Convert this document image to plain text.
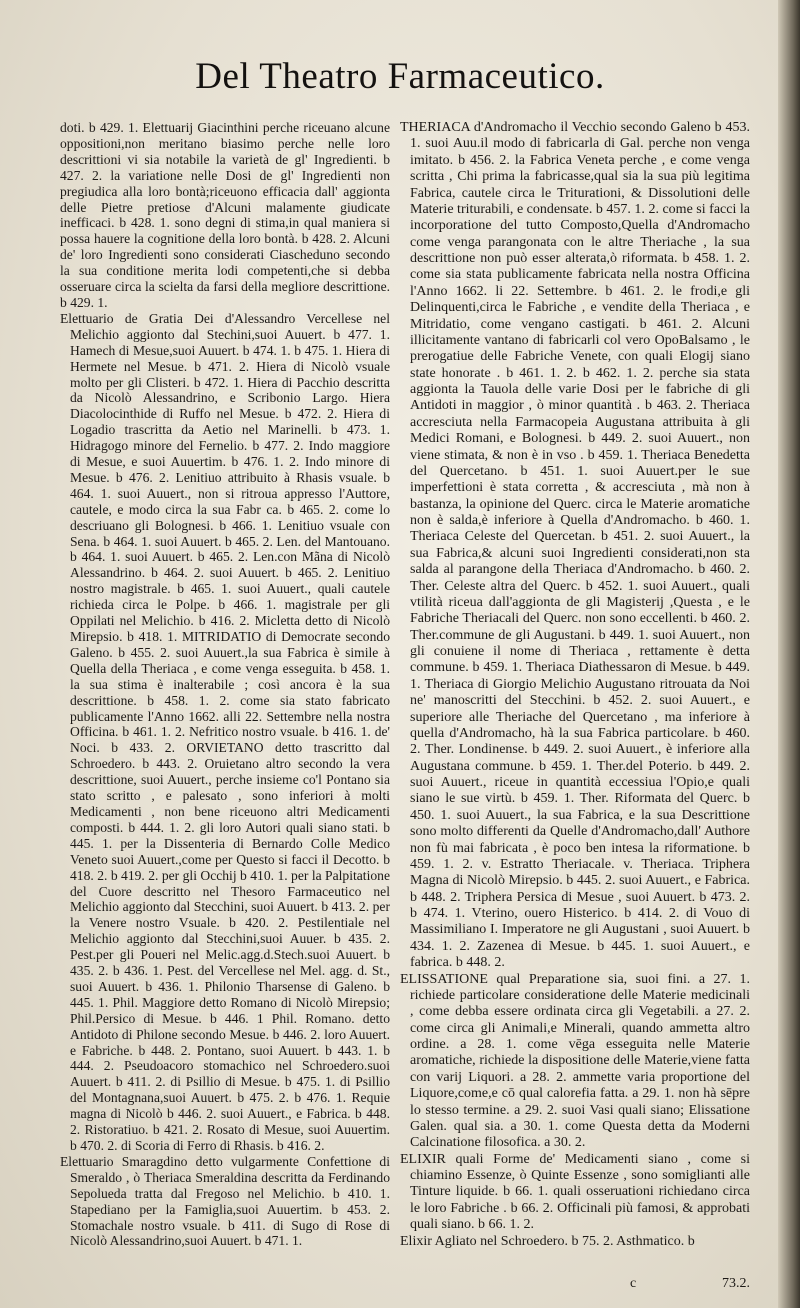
Del Theatro Farmaceutico.

doti. b 429. 1. Elettuarij Giacinthini perche riceuano alcune oppositioni,non meritano biasimo perche nelle loro descrittioni vi sia notabile la varietà de gl' Ingredienti. b 427. 2. la variatione nelle Dosi de gl' Ingredienti non pregiudica alla loro bontà;riceuono efficacia dall' aggionta delle Pietre pretiose d'Alcuni malamente giudicate inefficaci. b 428. 1. sono degni di stima,in qual maniera si possa hauere la cognitione della loro bontà. b 428. 2. Alcuni de' loro Ingredienti sono considerati Ciascheduno secondo la sua conditione merita lodi competenti,che si debba osseruare circa la scielta da farsi della megliore descrittione. b 429. 1.

Elettuario de Gratia Dei d'Alessandro Vercellese nel Melichio aggionto dal Stechini,suoi Auuert. b 477. 1. Hamech di Mesue,suoi Auuert. b 474. 1. b 475. 1. Hiera di Hermete nel Mesue. b 471. 2. Hiera di Nicolò vsuale molto per gli Clisteri. b 472. 1. Hiera di Pacchio descritta da Nicolò Alessandrino, e Scribonio Largo. Hiera Diacolocinthide di Ruffo nel Mesue. b 472. 2. Hiera di Logadio trascritta da Aetio nel Marinelli. b 473. 1. Hidragogo minore del Fernelio. b 477. 2. Indo maggiore di Mesue, e suoi Auuertim. b 476. 1. 2. Indo minore di Mesue. b 476. 2. Lenitiuo attribuito à Rhasis vsuale. b 464. 1. suoi Auuert., non si ritroua appresso l'Auttore, cautele, e modo circa la sua Fabr ca. b 465. 2. come lo descriuano gli Bolognesi. b 466. 1. Lenitiuo vsuale con Sena. b 464. 1. suoi Auuert. b 465. 2. Len. del Mantouano. b 464. 1. suoi Auuert. b 465. 2. Len.con Mãna di Nicolò Alessandrino. b 464. 2. suoi Auuert. b 465. 2. Lenitiuo nostro magistrale. b 465. 1. suoi Auuert., quali cautele richieda circa le Polpe. b 466. 1. magistrale per gli Oppilati nel Melichio. b 416. 2. Micletta detto di Nicolò Mirepsio. b 418. 1. MITRIDATIO di Democrate secondo Galeno. b 455. 2. suoi Auuert.,la sua Fabrica è simile à Quella della Theriaca , e come venga esseguita. b 458. 1. la sua stima è inalterabile ; così ancora è la sua descrittione. b 458. 1. 2. come sia stato fabricato publicamente l'Anno 1662. alli 22. Settembre nella nostra Officina. b 461. 1. 2. Nefritico nostro vsuale. b 416. 1. de' Noci. b 433. 2. ORVIETANO detto trascritto dal Schroedero. b 443. 2. Oruietano altro secondo la vera descrittione, suoi Auuert., perche insieme co'l Pontano sia stato scritto , e palesato , sono inferiori à molti Medicamenti , non bene riceuono altri Medicamenti composti. b 444. 1. 2. gli loro Autori quali siano stati. b 445. 1. per la Dissenteria di Bernardo Colle Medico Veneto suoi Auuert.,come per Questo si facci il Decotto. b 418. 2. b 419. 2. per gli Occhij b 410. 1. per la Palpitatione del Cuore descritto nel Thesoro Farmaceutico nel Melichio aggionto dal Stecchini, suoi Auuert. b 413. 2. per la Venere nostro Vsuale. b 420. 2. Pestilentiale nel Melichio aggionto dal Stecchini,suoi Auuer. b 435. 2. Pest.per gli Poueri nel Melic.agg.d.Stech.suoi Auuert. b 435. 2. b 436. 1. Pest. del Vercellese nel Mel. agg. d. St., suoi Auuert. b 436. 1. Philonio Tharsense di Galeno. b 445. 1. Phil. Maggiore detto Romano di Nicolò Mirepsio; Phil.Persico di Mesue. b 446. 1 Phil. Romano. detto Antidoto di Philone secondo Mesue. b 446. 2. loro Auuert. e Fabriche. b 448. 2. Pontano, suoi Auuert. b 443. 1. b 444. 2. Pseudoacoro stomachico nel Schroedero.suoi Auuert. b 411. 2. di Psillio di Mesue. b 475. 1. di Psillio del Montagnana,suoi Auuert. b 475. 2. b 476. 1. Requie magna di Nicolò b 446. 2. suoi Auuert., e Fabrica. b 448. 2. Ristoratiuo. b 421. 2. Rosato di Mesue, suoi Auuertim. b 470. 2. di Scoria di Ferro di Rhasis. b 416. 2.

Elettuario Smaragdino detto vulgarmente Confettione di Smeraldo , ò Theriaca Smeraldina descritta da Ferdinando Sepolueda tratta dal Fregoso nel Melichio. b 410. 1. Stapediano per la Famiglia,suoi Auuertim. b 453. 2. Stomachale nostro vsuale. b 411. di Sugo di Rose di Nicolò Alessandrino,suoi Auuert. b 471. 1.

THERIACA d'Andromacho il Vecchio secondo Galeno b 453. 1. suoi Auu.il modo di fabricarla di Gal. perche non venga imitato. b 456. 2. la Fabrica Veneta perche , e come venga scritta , Chi prima la fabricasse,qual sia la sua più legitima Fabrica, cautele circa le Triturationi, & Dissolutioni delle Materie triturabili, e condensate. b 457. 1. 2. come si facci la incorporatione del tutto Composto,Quella d'Andromacho come venga parangonata con le altre Theriache , la sua descrittione non può esser alterata,ò riformata. b 458. 1. 2. come sia stata publicamente fabricata nella nostra Officina l'Anno 1662. li 22. Settembre. b 461. 2. le frodi,e gli Delinquenti,circa le Fabriche , e vendite della Theriaca , e Mitridatio, come vengano castigati. b 461. 2. Alcuni illicitamente vantano di fabricarli col vero OpoBalsamo , le prerogatiue delle Fabriche Venete, con quali Elogij siano state honorate . b 461. 1. 2. b 462. 1. 2. perche sia stata aggionta la Tauola delle varie Dosi per le fabriche di gli Antidoti in maggior , ò minor quantità . b 463. 2. Theriaca accresciuta nella Farmacopeia Augustana attribuita à gli Medici Romani, e Bolognesi. b 449. 2. suoi Auuert., non viene stimata, & non è in vso . b 459. 1. Theriaca Benedetta del Quercetano. b 451. 1. suoi Auuert.per le sue imperfettioni è stata corretta , & accresciuta , mà non à bastanza, la opinione del Querc. circa le Materie aromatiche non è salda,è inferiore à Quella d'Andromacho. b 460. 1. Theriaca Celeste del Quercetan. b 451. 2. suoi Auuert., la sua Fabrica,& alcuni suoi Ingredienti considerati,non sta salda al parangone della Theriaca d'Andromacho. b 460. 2. Ther. Celeste altra del Querc. b 452. 1. suoi Auuert., quali vtilità riceua dall'aggionta de gli Magisterij ,Questa , e le Fabriche Theriacali del Querc. non sono eccellenti. b 460. 2. Ther.commune de gli Augustani. b 449. 1. suoi Auuert., non gli conuiene il nome di Theriaca , rettamente è detta commune. b 459. 1. Theriaca Diathessaron di Mesue. b 449. 1. Theriaca di Giorgio Melichio Augustano ritrouata da Noi ne' manoscritti del Stecchini. b 452. 2. suoi Auuert., e superiore alle Theriache del Quercetano , ma inferiore à quella d'Andromacho, hà la sua Fabrica particolare. b 460. 2. Ther. Londinense. b 449. 2. suoi Auuert., è inferiore alla Augustana commune. b 459. 1. Ther.del Poterio. b 449. 2. suoi Auuert., riceue in quantità eccessiua l'Opio,e quali siano le sue virtù. b 459. 1. Ther. Riformata del Querc. b 450. 1. suoi Auuert., la sua Fabrica, e la sua Descrittione sono molto differenti da Quelle d'Andromacho,dall' Authore non fù mai fabricata , è poco ben intesa la riformatione. b 459. 1. 2. v. Estratto Theriacale. v. Theriaca. Triphera Magna di Nicolò Mirepsio. b 445. 2. suoi Auuert., e Fabrica. b 448. 2. Triphera Persica di Mesue , suoi Auuert. b 473. 2. b 474. 1. Vterino, ouero Histerico. b 414. 2. di Vouo di Massimiliano I. Imperatore ne gli Augustani , suoi Auuert. b 434. 1. 2. Zazenea di Mesue. b 445. 1. suoi Auuert., e fabrica. b 448. 2.

ELISSATIONE qual Preparatione sia, suoi fini. a 27. 1. richiede particolare consideratione delle Materie medicinali , come debba essere ordinata circa gli Vegetabili. a 27. 2. come circa gli Animali,e Minerali, quando ammetta altro ordine. a 28. 1. come vēga esseguita nelle Materie aromatiche, richiede la dispositione delle Materie,viene fatta con varij Liquori. a 28. 2. ammette varia proportione del Liquore,come,e cō qual calorefia fatta. a 29. 1. non hà sēpre lo stesso termine. a 29. 2. suoi Vasi quali siano; Elissatione Galen. qual sia. a 30. 1. come Questa detta da Moderni Calcinatione filosofica. a 30. 2.

ELIXIR quali Forme de' Medicamenti siano , come si chiamino Essenze, ò Quinte Essenze , sono somiglianti alle Tinture liquide. b 66. 1. quali osseruationi richiedano circa le loro Fabriche . b 66. 2. Officinali più famosi, & approbati quali siano. b 66. 1. 2.

Elixir Agliato nel Schroedero. b 75. 2. Asthmatico. b

c	73.2.
